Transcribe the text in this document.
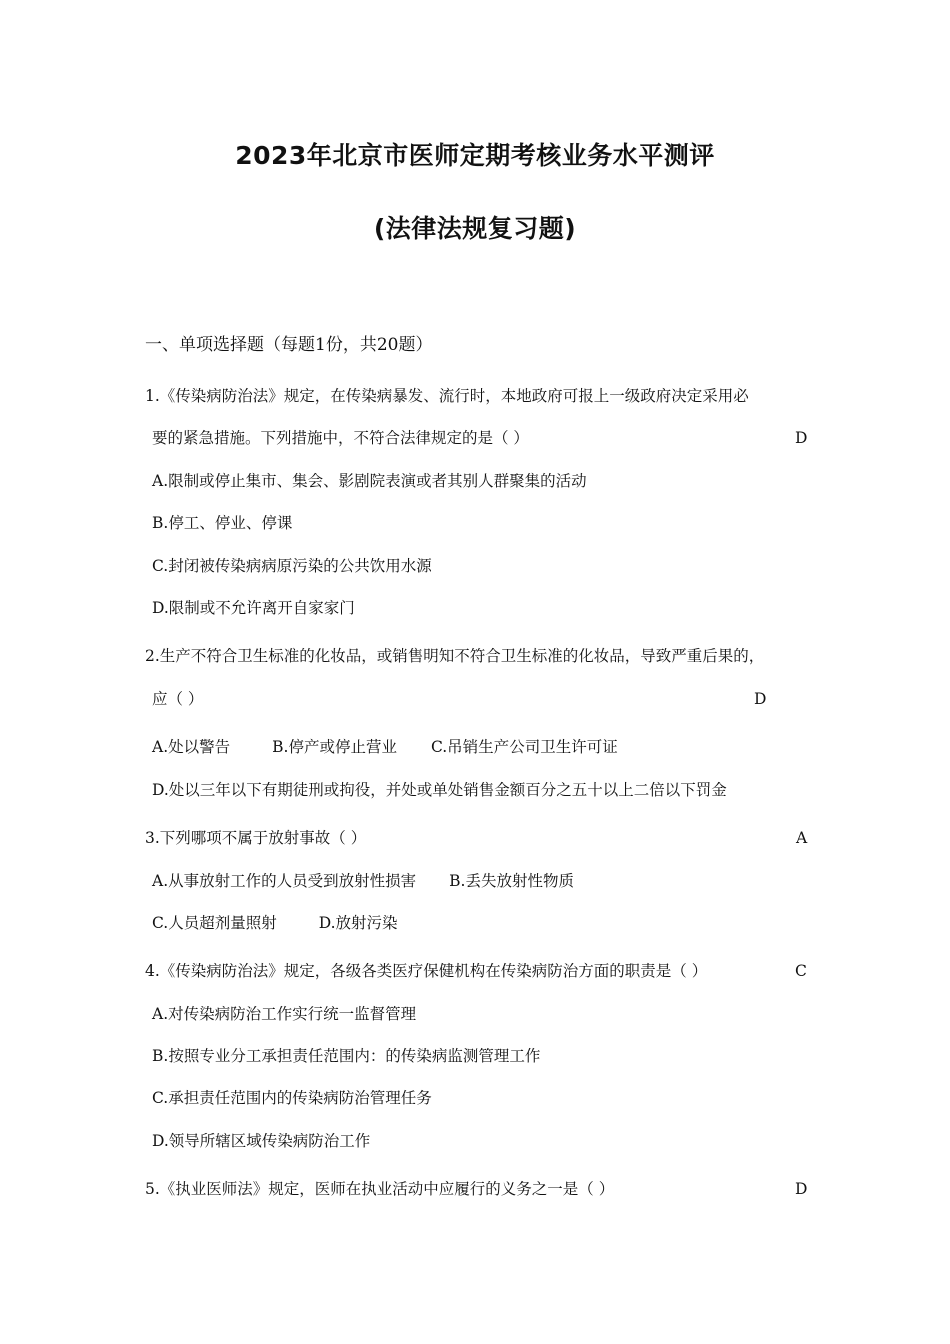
2023年北京市医师定期考核业务水平测评
(法律法规复习题)
一、单项选择题（每题1份，共20题）
1.《传染病防治法》规定，在传染病暴发、流行时，本地政府可报上一级政府决定采用必
要的紧急措施。下列措施中，不符合法律规定的是（ ）	D
A.限制或停止集市、集会、影剧院表演或者其别人群聚集的活动
B.停工、停业、停课
C.封闭被传染病病原污染的公共饮用水源
D.限制或不允许离开自家家门
2.生产不符合卫生标准的化妆品，或销售明知不符合卫生标准的化妆品，导致严重后果的，
应（ ）	D
A.处以警告	B.停产或停止营业 C.吊销生产公司卫生许可证
D.处以三年以下有期徒刑或拘役，并处或单处销售金额百分之五十以上二倍以下罚金
3.下列哪项不属于放射事故（ ）	A
A.从事放射工作的人员受到放射性损害 B.丢失放射性物质
C.人员超剂量照射	D.放射污染
4.《传染病防治法》规定，各级各类医疗保健机构在传染病防治方面的职责是（ ）	C
A.对传染病防治工作实行统一监督管理
B.按照专业分工承担责任范围内：的传染病监测管理工作
C.承担责任范围内的传染病防治管理任务
D.领导所辖区域传染病防治工作
5.《执业医师法》规定，医师在执业活动中应履行的义务之一是（ ）	D
